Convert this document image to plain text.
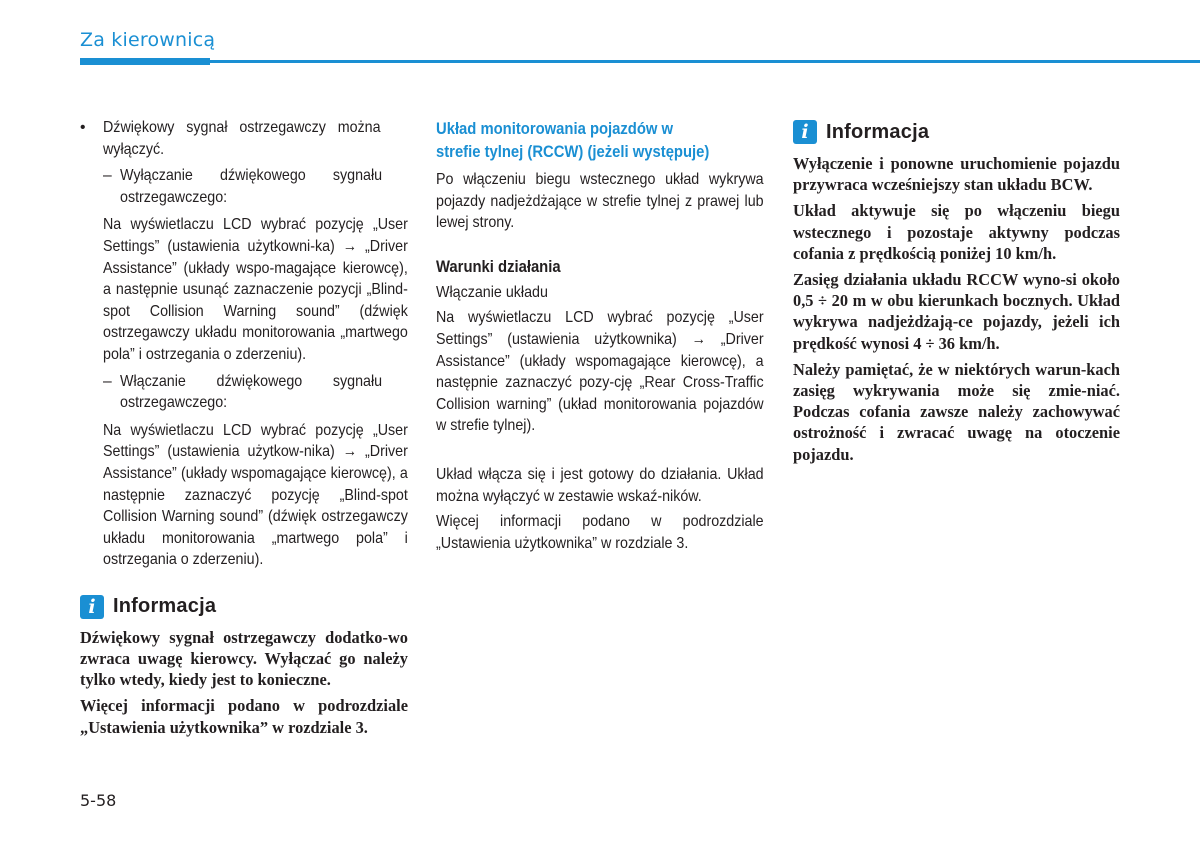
Za kierownicą
•	Dźwiękowy sygnał ostrzegawczy można wyłączyć.

– Wyłączanie dźwiękowego sygnału ostrzegawczego:

Na wyświetlaczu LCD wybrać pozycję „User Settings” (ustawienia użytkowni-ka) → „Driver Assistance” (układy wspo-magające kierowcę), a następnie usunąć zaznaczenie pozycji „Blind-spot Collision Warning sound” (dźwięk ostrzegawczy układu monitorowania „martwego pola” i ostrzegania o zderzeniu).

– Włączanie dźwiękowego sygnału ostrzegawczego:

Na wyświetlaczu LCD wybrać pozycję „User Settings” (ustawienia użytkow-nika) → „Driver Assistance” (układy wspomagające kierowcę), a następnie zaznaczyć pozycję „Blind-spot Collision Warning sound” (dźwięk ostrzegawczy układu monitorowania „martwego pola” i ostrzegania o zderzeniu).

i Informacja

Dźwiękowy sygnał ostrzegawczy dodatko-wo zwraca uwagę kierowcy. Wyłączać go należy tylko wtedy, kiedy jest to konieczne.

Więcej informacji podano w podrozdziale „Ustawienia użytkownika” w rozdziale 3.

Układ monitorowania pojazdów w strefie tylnej (RCCW) (jeżeli występuje)

Po włączeniu biegu wstecznego układ wykrywa pojazdy nadjeżdżające w strefie tylnej z prawej lub lewej strony.

Warunki działania

Włączanie układu

Na wyświetlaczu LCD wybrać pozycję „User Settings” (ustawienia użytkownika) → „Driver Assistance” (układy wspomagające kierowcę), a następnie zaznaczyć pozy-cję „Rear Cross-Traffic Collision warning” (układ monitorowania pojazdów w strefie tylnej).

Układ włącza się i jest gotowy do działania. Układ można wyłączyć w zestawie wskaź-ników.

Więcej informacji podano w podrozdziale „Ustawienia użytkownika” w rozdziale 3.

i Informacja

Wyłączenie i ponowne uruchomienie pojazdu przywraca wcześniejszy stan układu BCW.

Układ aktywuje się po włączeniu biegu wstecznego i pozostaje aktywny podczas cofania z prędkością poniżej 10 km/h.

Zasięg działania układu RCCW wyno-si około 0,5 ÷ 20 m w obu kierunkach bocznych. Układ wykrywa nadjeżdżają-ce pojazdy, jeżeli ich prędkość wynosi 4 ÷ 36 km/h.

Należy pamiętać, że w niektórych warun-kach zasięg wykrywania może się zmie-niać. Podczas cofania zawsze należy zachowywać ostrożność i zwracać uwagę na otoczenie pojazdu.

5-58
